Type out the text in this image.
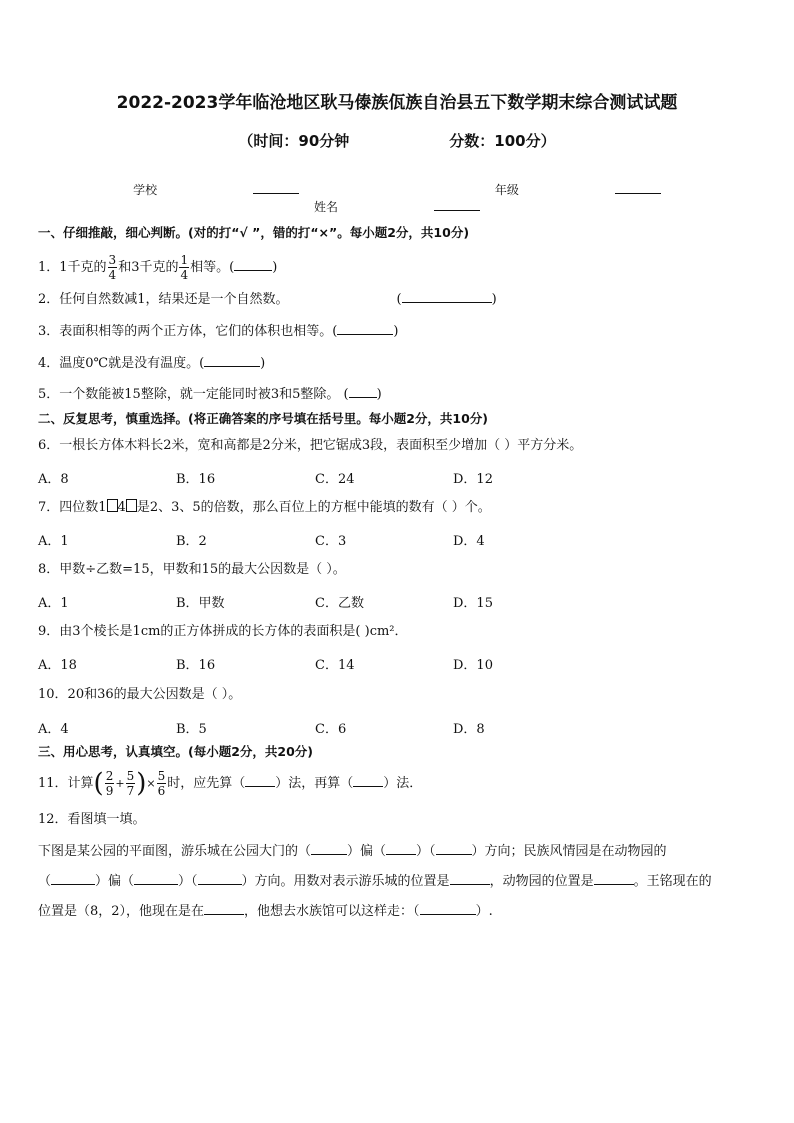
2022-2023学年临沧地区耿马傣族佤族自治县五下数学期末综合测试试题
（时间：90分钟	分数：100分）
学校	年级 姓名
一、仔细推敲，细心判断。(对的打“√ ”，错的打“×”。每小题2分，共10分)
1．1千克的 $\frac{3}{4}$ 和3千克的 $\frac{1}{4}$ 相等。(	)
2．任何自然数减1，结果还是一个自然数。	(	)
3．表面积相等的两个正方体，它们的体积也相等。(	)
4．温度0℃就是没有温度。(	)
5．一个数能被15整除，就一定能同时被3和5整除。 ( )
二、反复思考，慎重选择。(将正确答案的序号填在括号里。每小题2分，共10分)
6．一根长方体木料长2米，宽和高都是2分米，把它锯成3段，表面积至少增加（ ）平方分米。
A．8	B．16	C．24	D．12
7．四位数1 4 是2、3、5的倍数，那么百位上的方框中能填的数有（ ）个。
A．1	B．2	C．3	D．4
8．甲数÷乙数=15，甲数和15的最大公因数是（ ）。
A．1	B．甲数	C．乙数	D．15
9．由3个棱长是1cm的正方体拼成的长方体的表面积是( )cm²．
A．18	B．16	C．14	D．10
10．20和36的最大公因数是（ ）。
A．4	B．5	C．6	D．8
三、用心思考，认真填空。(每小题2分，共20分)
11．计算( $\frac{2}{9} + \frac{5}{7}$ )× $\frac{5}{6}$ 时，应先算（ ）法，再算（ ）法．
12．看图填一填。
下图是某公园的平面图，游乐城在公园大门的（	）偏（ ）（	）方向；民族风情园是在动物园的
（	）偏（	）（	）方向。用数对表示游乐城的位置是	，动物园的位置是	。王铭现在的
位置是（8，2），他现在是在	，他想去水族馆可以这样走：（	）.
